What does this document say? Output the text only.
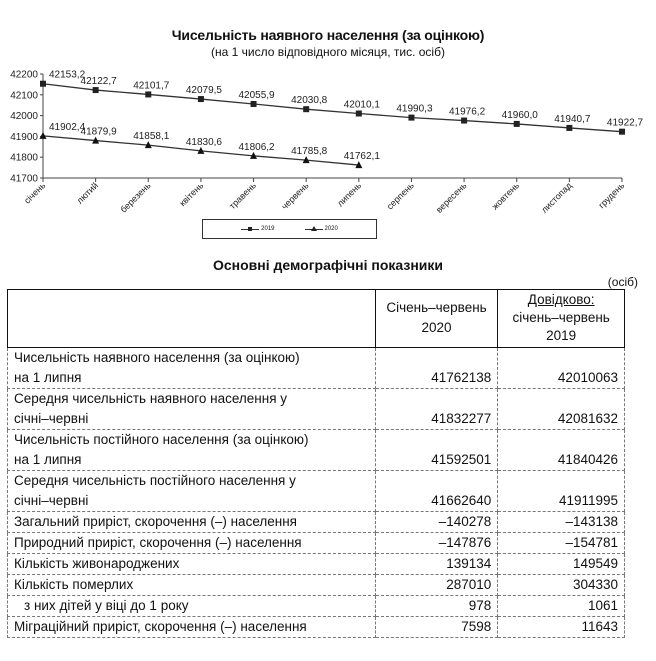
Чисельність наявного населення (за оцінкою)
(на 1 число відповідного місяця, тис. осіб)
41700
41800
41900
42000
42100
42200
січень	лютий березень	квітень травень червень	липень серпень вересень жовтень листопад	грудень
42153,2
42122,7 42101,7 42079,5 42055,9 42030,8 42010,1 41990,3 41976,2 41960,0 41940,7 41922,7
41902,4
41879,9 41858,1
41830,6 41806,2 41785,8 41762,1
2019	2020
Основні демографічні показники
(осіб)
	Січень–червень 2020	Довідково:
січень–червень 2019
Чисельність наявного населення (за оцінкою)
на 1 липня	41762138	42010063
Середня чисельність наявного населення у
січні–червні	41832277	42081632
Чисельність постійного населення (за оцінкою)
на 1 липня	41592501	41840426
Середня чисельність постійного населення у
січні–червні	41662640	41911995
Загальний приріст, скорочення (–) населення	–140278	–143138
Природний приріст, скорочення (–) населення	–147876	–154781
Кількість живонароджених	139134	149549
Кількість померлих	287010	304330
з них дітей у віці до 1 року	978	1061
Міграційний приріст, скорочення (–) населення	7598	11643
